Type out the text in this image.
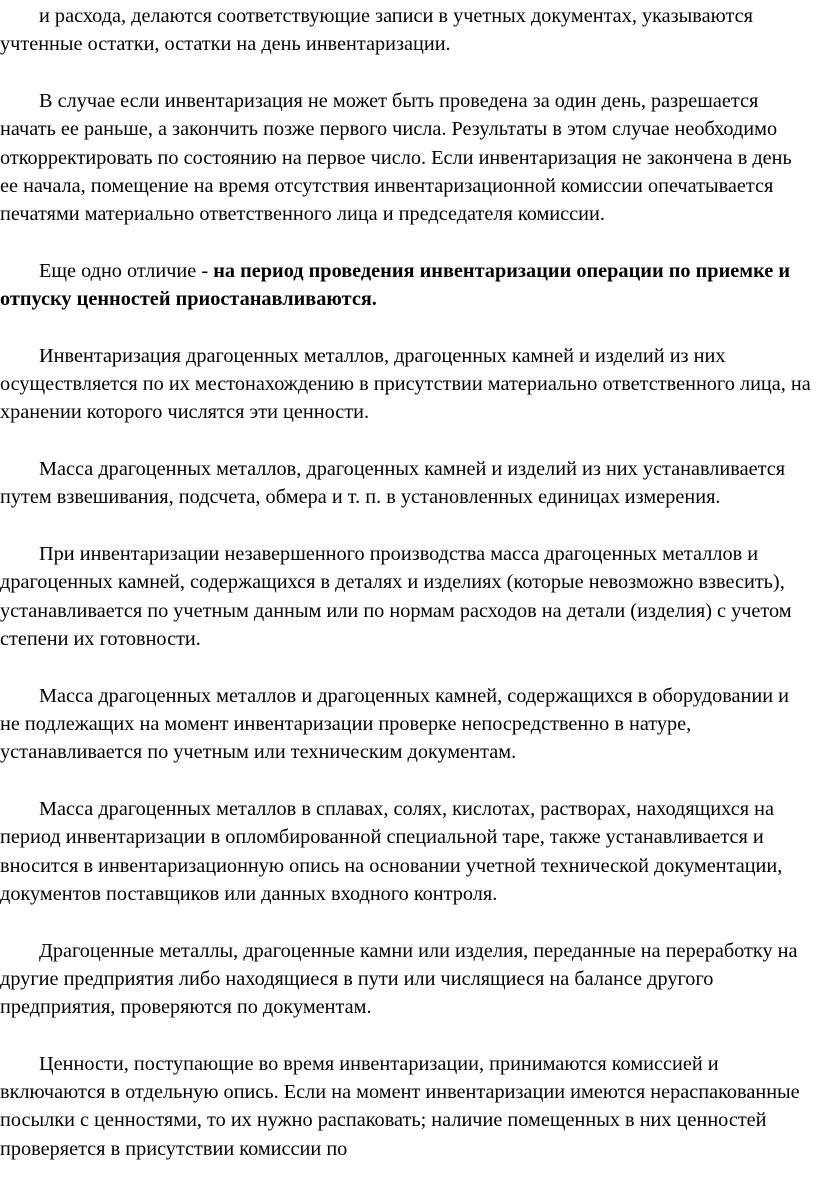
и расхода, делаются соответствующие записи в учетных документах, указываются учтенные остатки, остатки на день инвентаризации.

В случае если инвентаризация не может быть проведена за один день, разрешается начать ее раньше, а закончить позже первого числа. Результаты в этом случае необходимо откорректировать по состоянию на первое число. Если инвентаризация не закончена в день ее начала, помещение на время отсутствия инвентаризационной комиссии опечатывается печатями материально ответственного лица и председателя комиссии.

Еще одно отличие - на период проведения инвентаризации операции по приемке и отпуску ценностей приостанавливаются.

Инвентаризация драгоценных металлов, драгоценных камней и изделий из них осуществляется по их местонахождению в присутствии материально ответственного лица, на хранении которого числятся эти ценности.

Масса драгоценных металлов, драгоценных камней и изделий из них устанавливается путем взвешивания, подсчета, обмера и т. п. в установленных единицах измерения.

При инвентаризации незавершенного производства масса драгоценных металлов и драгоценных камней, содержащихся в деталях и изделиях (которые невозможно взвесить), устанавливается по учетным данным или по нормам расходов на детали (изделия) с учетом степени их готовности.

Масса драгоценных металлов и драгоценных камней, содержащихся в оборудовании и не подлежащих на момент инвентаризации проверке непосредственно в натуре, устанавливается по учетным или техническим документам.

Масса драгоценных металлов в сплавах, солях, кислотах, растворах, находящихся на период инвентаризации в опломбированной специальной таре, также устанавливается и вносится в инвентаризационную опись на основании учетной технической документации, документов поставщиков или данных входного контроля.

Драгоценные металлы, драгоценные камни или изделия, переданные на переработку на другие предприятия либо находящиеся в пути или числящиеся на балансе другого предприятия, проверяются по документам.

Ценности, поступающие во время инвентаризации, принимаются комиссией и включаются в отдельную опись. Если на момент инвентаризации имеются нераспакованные посылки с ценностями, то их нужно распаковать; наличие помещенных в них ценностей проверяется в присутствии комиссии по
